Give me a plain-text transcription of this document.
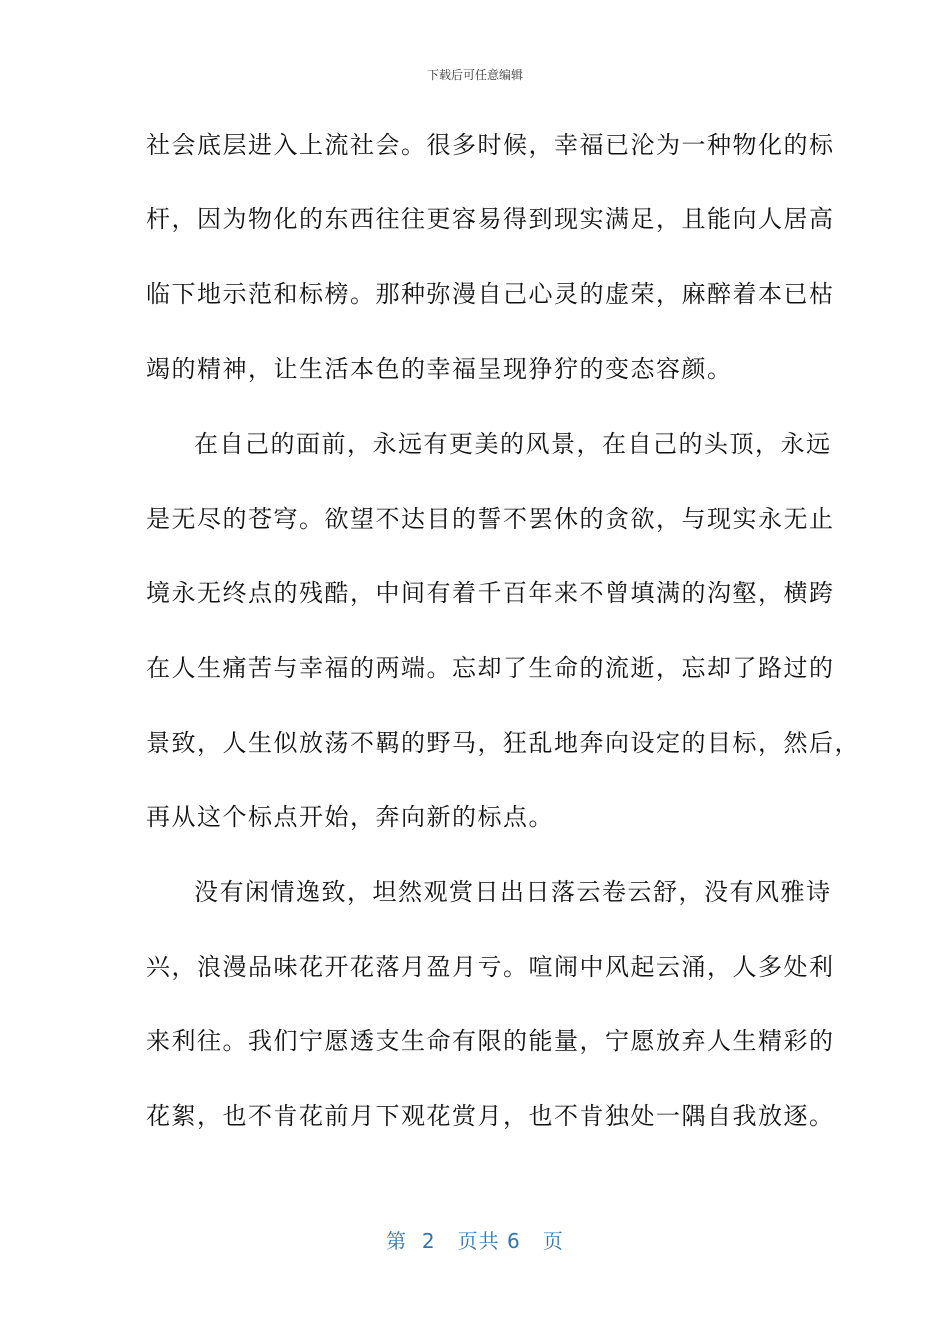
下载后可任意编辑
社会底层进入上流社会。很多时候，幸福已沦为一种物化的标
杆，因为物化的东西往往更容易得到现实满足，且能向人居高
临下地示范和标榜。那种弥漫自己心灵的虚荣，麻醉着本已枯
竭的精神，让生活本色的幸福呈现狰狞的变态容颜。
在自己的面前，永远有更美的风景，在自己的头顶，永远
是无尽的苍穹。欲望不达目的誓不罢休的贪欲，与现实永无止
境永无终点的残酷，中间有着千百年来不曾填满的沟壑，横跨
在人生痛苦与幸福的两端。忘却了生命的流逝，忘却了路过的
景致，人生似放荡不羁的野马，狂乱地奔向设定的目标，然后，
再从这个标点开始，奔向新的标点。
没有闲情逸致，坦然观赏日出日落云卷云舒，没有风雅诗
兴，浪漫品味花开花落月盈月亏。喧闹中风起云涌，人多处利
来利往。我们宁愿透支生命有限的能量，宁愿放弃人生精彩的
花絮，也不肯花前月下观花赏月，也不肯独处一隅自我放逐。
第  2   页共 6   页
